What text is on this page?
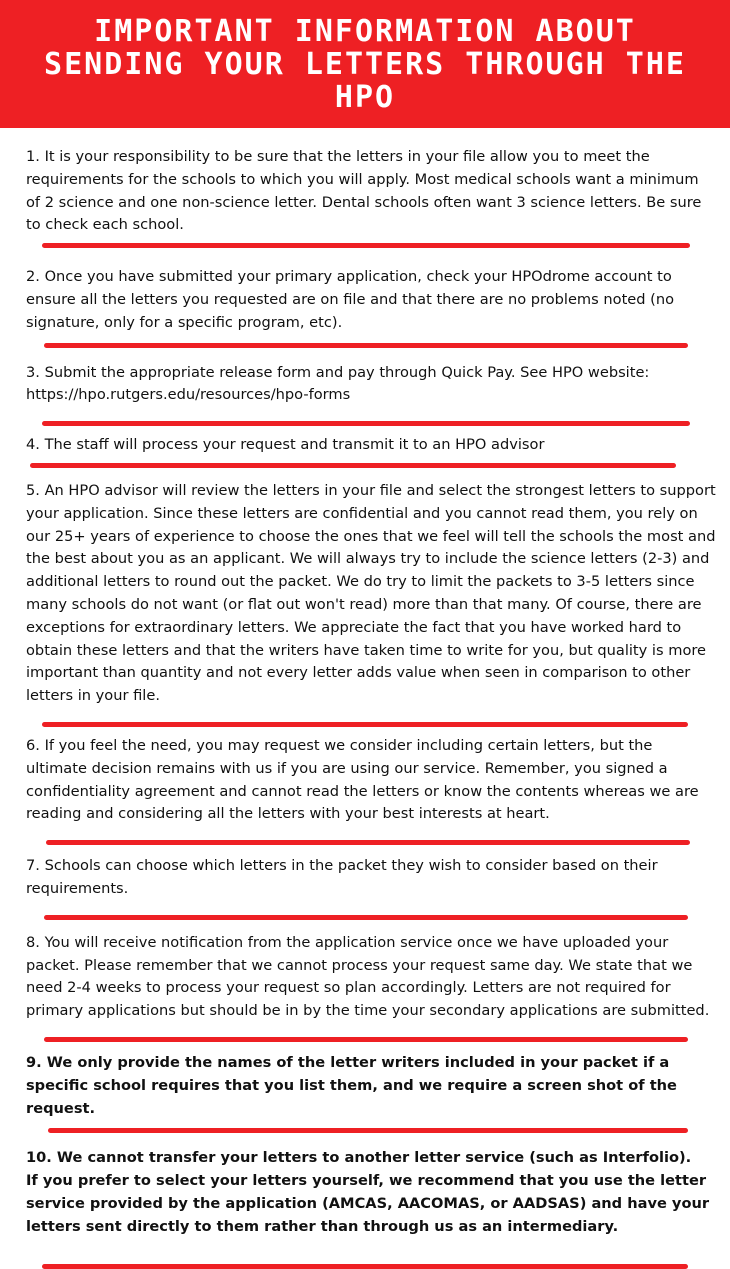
IMPORTANT INFORMATION ABOUT SENDING YOUR LETTERS THROUGH THE HPO

1. It is your responsibility to be sure that the letters in your file allow you to meet the requirements for the schools to which you will apply. Most medical schools want a minimum of 2 science and one non-science letter. Dental schools often want 3 science letters. Be sure to check each school.

2. Once you have submitted your primary application, check your HPOdrome account to ensure all the letters you requested are on file and that there are no problems noted (no signature, only for a specific program, etc).

3. Submit the appropriate release form and pay through Quick Pay. See HPO website: https://hpo.rutgers.edu/resources/hpo-forms

4. The staff will process your request and transmit it to an HPO advisor

5. An HPO advisor will review the letters in your file and select the strongest letters to support your application. Since these letters are confidential and you cannot read them, you rely on our 25+ years of experience to choose the ones that we feel will tell the schools the most and the best about you as an applicant. We will always try to include the science letters (2-3) and additional letters to round out the packet. We do try to limit the packets to 3-5 letters since many schools do not want (or flat out won't read) more than that many. Of course, there are exceptions for extraordinary letters. We appreciate the fact that you have worked hard to obtain these letters and that the writers have taken time to write for you, but quality is more important than quantity and not every letter adds value when seen in comparison to other letters in your file.

6. If you feel the need, you may request we consider including certain letters, but the ultimate decision remains with us if you are using our service. Remember, you signed a confidentiality agreement and cannot read the letters or know the contents whereas we are reading and considering all the letters with your best interests at heart.

7. Schools can choose which letters in the packet they wish to consider based on their requirements.

8. You will receive notification from the application service once we have uploaded your packet. Please remember that we cannot process your request same day. We state that we need 2-4 weeks to process your request so plan accordingly. Letters are not required for primary applications but should be in by the time your secondary applications are submitted.

9. We only provide the names of the letter writers included in your packet if a specific school requires that you list them, and we require a screen shot of the request.

10. We cannot transfer your letters to another letter service (such as Interfolio).
If you prefer to select your letters yourself, we recommend that you use the letter service provided by the application (AMCAS, AACOMAS, or AADSAS) and have your letters sent directly to them rather than through us as an intermediary.
